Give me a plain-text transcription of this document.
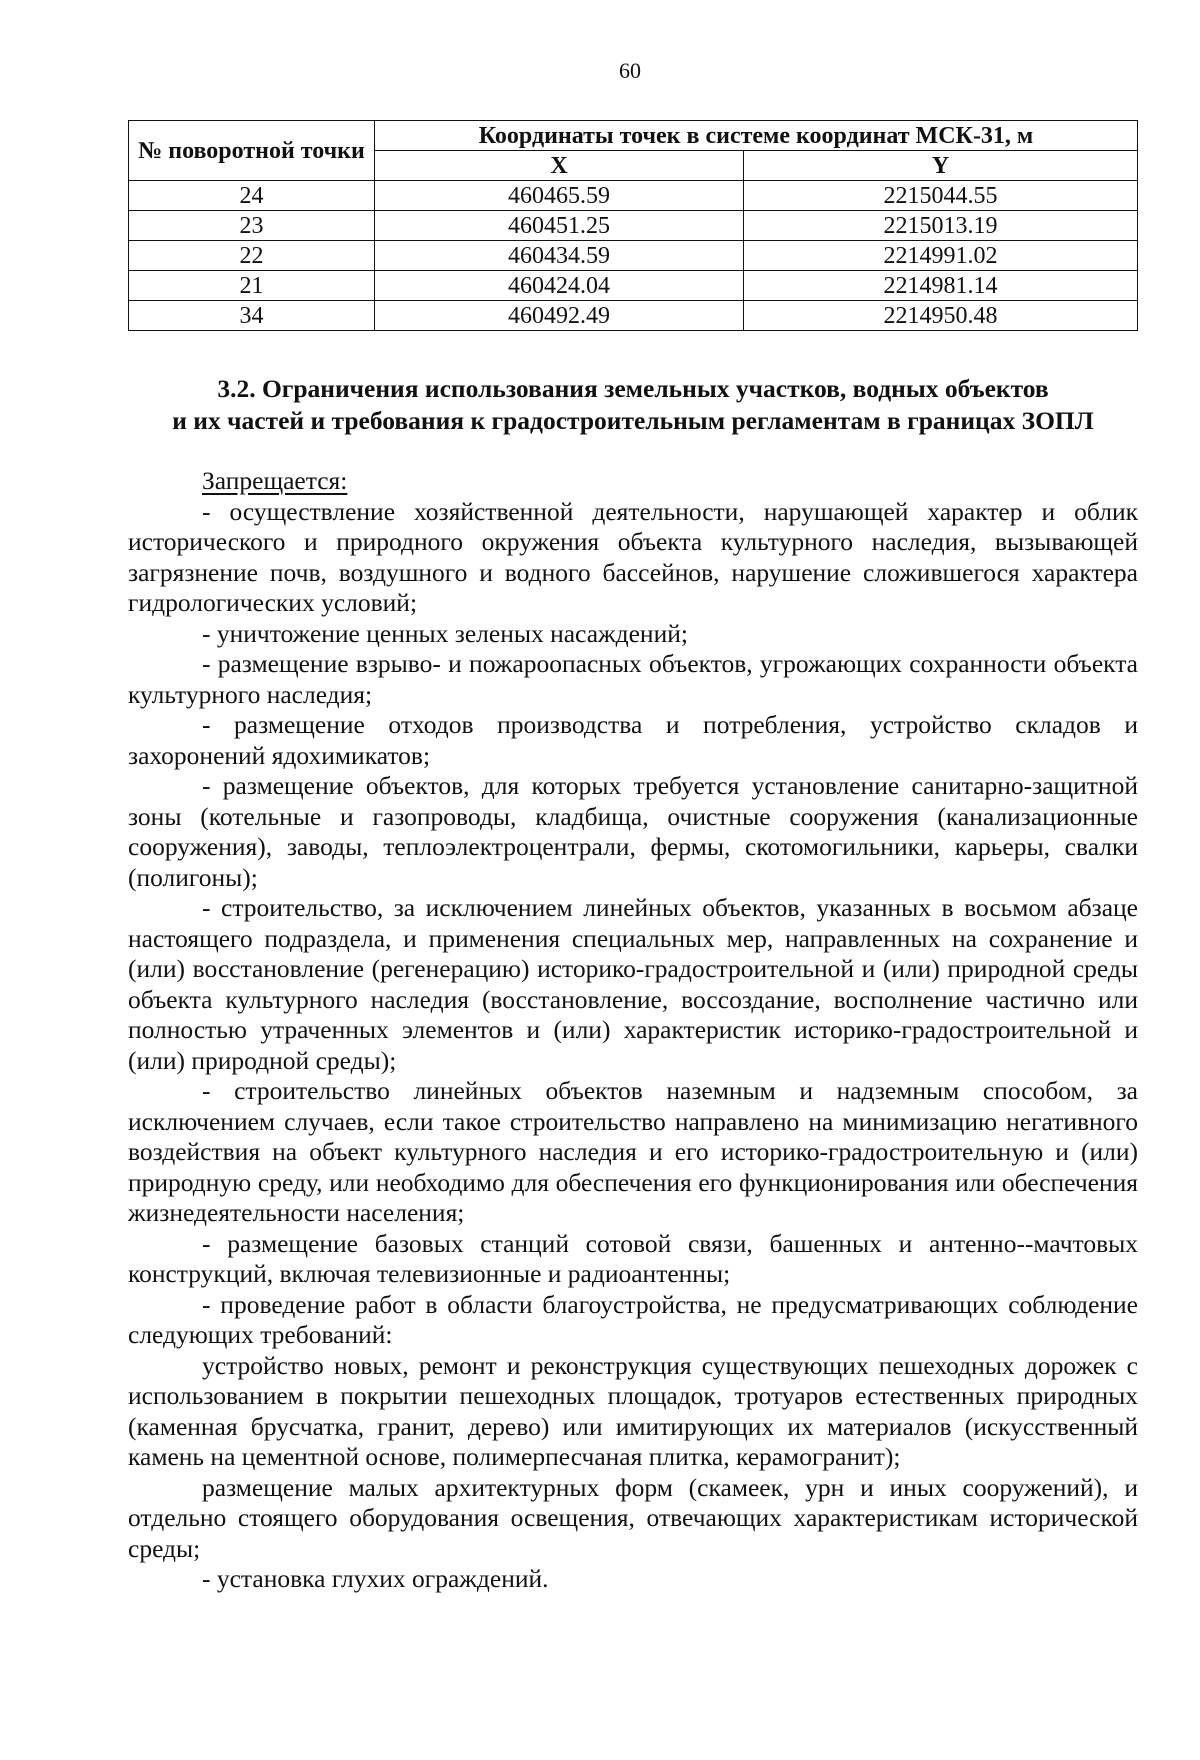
60
№ поворотной точки	Координаты точек в системе координат МСК-31, м	
	X	Y
24	460465.59	2215044.55
23	460451.25	2215013.19
22	460434.59	2214991.02
21	460424.04	2214981.14
34	460492.49	2214950.48
3.2. Ограничения использования земельных участков, водных объектов
и их частей и требования к градостроительным регламентам в границах ЗОПЛ

Запрещается:

- осуществление хозяйственной деятельности, нарушающей характер и облик исторического и природного окружения объекта культурного наследия, вызывающей загрязнение почв, воздушного и водного бассейнов, нарушение сложившегося характера гидрологических условий;

- уничтожение ценных зеленых насаждений;

- размещение взрыво- и пожароопасных объектов, угрожающих сохранности объекта культурного наследия;

- размещение отходов производства и потребления, устройство складов и захоронений ядохимикатов;

- размещение объектов, для которых требуется установление санитарно-защитной зоны (котельные и газопроводы, кладбища, очистные сооружения (канализационные сооружения), заводы, теплоэлектроцентрали, фермы, скотомогильники, карьеры, свалки (полигоны);

- строительство, за исключением линейных объектов, указанных в восьмом абзаце настоящего подраздела, и применения специальных мер, направленных на сохранение и (или) восстановление (регенерацию) историко-градостроительной и (или) природной среды объекта культурного наследия (восстановление, воссоздание, восполнение частично или полностью утраченных элементов и (или) характеристик историко-градостроительной и (или) природной среды);

- строительство линейных объектов наземным и надземным способом, за исключением случаев, если такое строительство направлено на минимизацию негативного воздействия на объект культурного наследия и его историко-градостроительную и (или) природную среду, или необходимо для обеспечения его функционирования или обеспечения жизнедеятельности населения;

- размещение базовых станций сотовой связи, башенных и антенно--мачтовых конструкций, включая телевизионные и радиоантенны;

- проведение работ в области благоустройства, не предусматривающих соблюдение следующих требований:

устройство новых, ремонт и реконструкция существующих пешеходных дорожек с использованием в покрытии пешеходных площадок, тротуаров естественных природных (каменная брусчатка, гранит, дерево) или имитирующих их материалов (искусственный камень на цементной основе, полимерпесчаная плитка, керамогранит);

размещение малых архитектурных форм (скамеек, урн и иных сооружений), и отдельно стоящего оборудования освещения, отвечающих характеристикам исторической среды;

- установка глухих ограждений.
